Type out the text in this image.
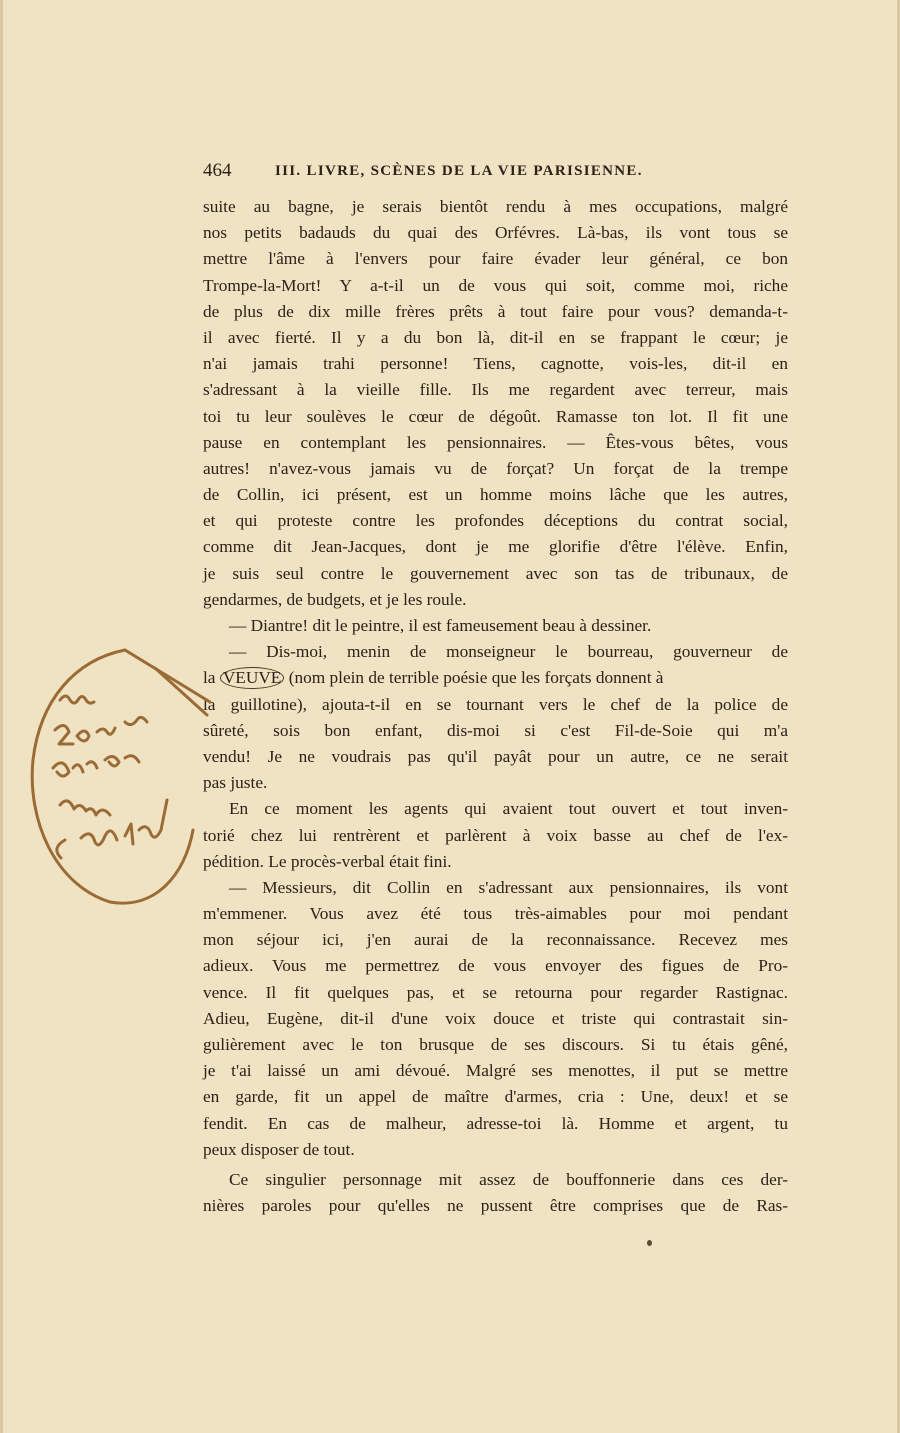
464	III. LIVRE, SCÈNES DE LA VIE PARISIENNE.
suite au bagne, je serais bientôt rendu à mes occupations, malgré
nos petits badauds du quai des Orfévres. Là-bas, ils vont tous se
mettre l'âme à l'envers pour faire évader leur général, ce bon
Trompe-la-Mort! Y a-t-il un de vous qui soit, comme moi, riche
de plus de dix mille frères prêts à tout faire pour vous? demanda-t-
il avec fierté. Il y a du bon là, dit-il en se frappant le cœur; je
n'ai jamais trahi personne! Tiens, cagnotte, vois-les, dit-il en
s'adressant à la vieille fille. Ils me regardent avec terreur, mais
toi tu leur soulèves le cœur de dégoût. Ramasse ton lot. Il fit une
pause en contemplant les pensionnaires. — Êtes-vous bêtes, vous
autres! n'avez-vous jamais vu de forçat? Un forçat de la trempe
de Collin, ici présent, est un homme moins lâche que les autres,
et qui proteste contre les profondes déceptions du contrat social,
comme dit Jean-Jacques, dont je me glorifie d'être l'élève. Enfin,
je suis seul contre le gouvernement avec son tas de tribunaux, de
gendarmes, de budgets, et je les roule.
— Diantre! dit le peintre, il est fameusement beau à dessiner.
— Dis-moi, menin de monseigneur le bourreau, gouverneur de
la VEUVE (nom plein de terrible poésie que les forçats donnent à
la guillotine), ajouta-t-il en se tournant vers le chef de la police de
sûreté, sois bon enfant, dis-moi si c'est Fil-de-Soie qui m'a
vendu! Je ne voudrais pas qu'il payât pour un autre, ce ne serait
pas juste.
En ce moment les agents qui avaient tout ouvert et tout inven-
torié chez lui rentrèrent et parlèrent à voix basse au chef de l'ex-
pédition. Le procès-verbal était fini.
— Messieurs, dit Collin en s'adressant aux pensionnaires, ils vont
m'emmener. Vous avez été tous très-aimables pour moi pendant
mon séjour ici, j'en aurai de la reconnaissance. Recevez mes
adieux. Vous me permettrez de vous envoyer des figues de Pro-
vence. Il fit quelques pas, et se retourna pour regarder Rastignac.
Adieu, Eugène, dit-il d'une voix douce et triste qui contrastait sin-
gulièrement avec le ton brusque de ses discours. Si tu étais gêné,
je t'ai laissé un ami dévoué. Malgré ses menottes, il put se mettre
en garde, fit un appel de maître d'armes, cria : Une, deux! et se
fendit. En cas de malheur, adresse-toi là. Homme et argent, tu
peux disposer de tout.
Ce singulier personnage mit assez de bouffonnerie dans ces der-
nières paroles pour qu'elles ne pussent être comprises que de Ras-
